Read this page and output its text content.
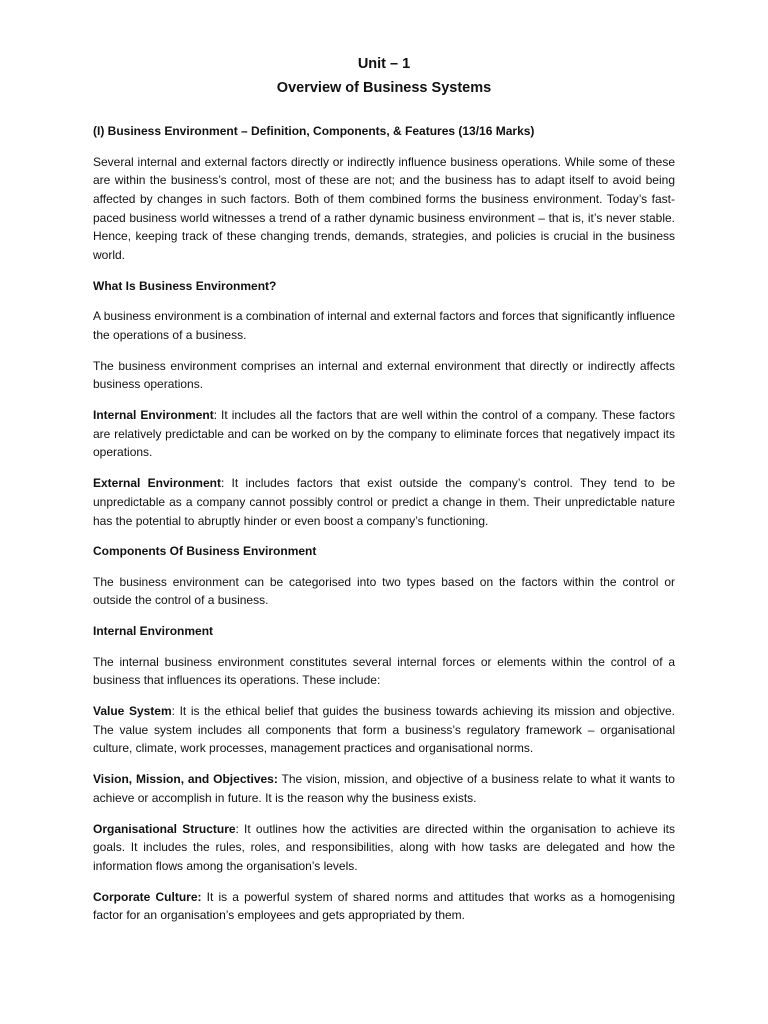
Unit – 1
Overview of Business Systems
(I) Business Environment – Definition, Components, & Features (13/16 Marks)

Several internal and external factors directly or indirectly influence business operations. While some of these are within the business’s control, most of these are not; and the business has to adapt itself to avoid being affected by changes in such factors. Both of them combined forms the business environment. Today’s fast-paced business world witnesses a trend of a rather dynamic business environment – that is, it’s never stable. Hence, keeping track of these changing trends, demands, strategies, and policies is crucial in the business world.

What Is Business Environment?

A business environment is a combination of internal and external factors and forces that significantly influence the operations of a business.

The business environment comprises an internal and external environment that directly or indirectly affects business operations.

Internal Environment: It includes all the factors that are well within the control of a company. These factors are relatively predictable and can be worked on by the company to eliminate forces that negatively impact its operations.

External Environment: It includes factors that exist outside the company’s control. They tend to be unpredictable as a company cannot possibly control or predict a change in them. Their unpredictable nature has the potential to abruptly hinder or even boost a company’s functioning.

Components Of Business Environment

The business environment can be categorised into two types based on the factors within the control or outside the control of a business.

Internal Environment

The internal business environment constitutes several internal forces or elements within the control of a business that influences its operations. These include:

Value System: It is the ethical belief that guides the business towards achieving its mission and objective. The value system includes all components that form a business’s regulatory framework – organisational culture, climate, work processes, management practices and organisational norms.

Vision, Mission, and Objectives: The vision, mission, and objective of a business relate to what it wants to achieve or accomplish in future. It is the reason why the business exists.

Organisational Structure: It outlines how the activities are directed within the organisation to achieve its goals. It includes the rules, roles, and responsibilities, along with how tasks are delegated and how the information flows among the organisation’s levels.

Corporate Culture: It is a powerful system of shared norms and attitudes that works as a homogenising factor for an organisation’s employees and gets appropriated by them.
